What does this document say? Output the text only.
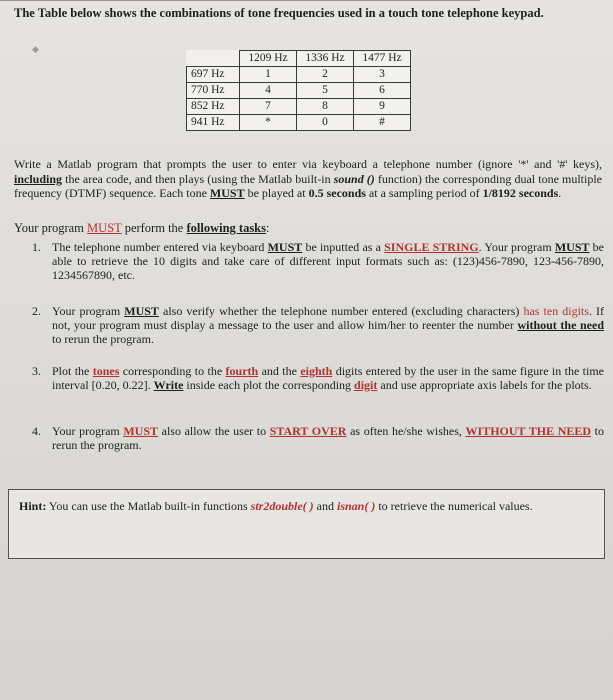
The Table below shows the combinations of tone frequencies used in a touch tone telephone keypad.
◆
	1209 Hz	1336 Hz	1477 Hz
697 Hz	1	2	3
770 Hz	4	5	6
852 Hz	7	8	9
941 Hz	*	0	#
Write a Matlab program that prompts the user to enter via keyboard a telephone number (ignore '*' and '#' keys), including the area code, and then plays (using the Matlab built-in sound () function) the corresponding dual tone multiple frequency (DTMF) sequence. Each tone MUST be played at 0.5 seconds at a sampling period of 1/8192 seconds.
Your program MUST perform the following tasks:
1. The telephone number entered via keyboard MUST be inputted as a SINGLE STRING. Your program MUST be able to retrieve the 10 digits and take care of different input formats such as: (123)456-7890, 123-456-7890, 1234567890, etc.
2. Your program MUST also verify whether the telephone number entered (excluding characters) has ten digits. If not, your program must display a message to the user and allow him/her to reenter the number without the need to rerun the program.
3. Plot the tones corresponding to the fourth and the eighth digits entered by the user in the same figure in the time interval [0.20, 0.22]. Write inside each plot the corresponding digit and use appropriate axis labels for the plots.
4. Your program MUST also allow the user to START OVER as often he/she wishes, WITHOUT THE NEED to rerun the program.
Hint: You can use the Matlab built-in functions str2double( ) and isnan( ) to retrieve the numerical values.
